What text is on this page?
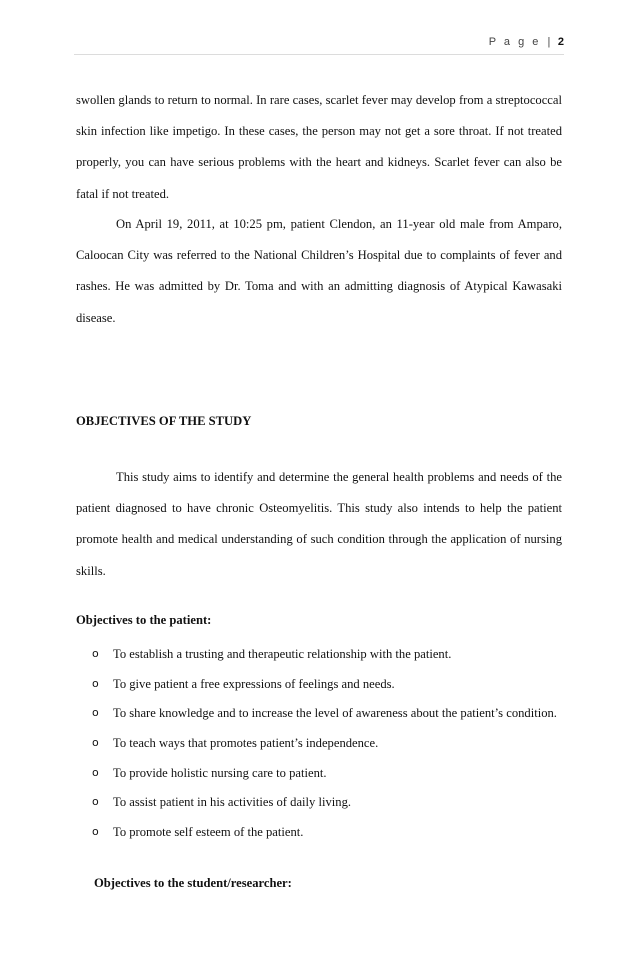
P a g e | 2

swollen glands to return to normal. In rare cases, scarlet fever may develop from a streptococcal skin infection like impetigo. In these cases, the person may not get a sore throat. If not treated properly, you can have serious problems with the heart and kidneys. Scarlet fever can also be fatal if not treated.

On April 19, 2011, at 10:25 pm, patient Clendon, an 11-year old male from Amparo, Caloocan City was referred to the National Children’s Hospital due to complaints of fever and rashes. He was admitted by Dr. Toma and with an admitting diagnosis of Atypical Kawasaki disease.

OBJECTIVES OF THE STUDY

This study aims to identify and determine the general health problems and needs of the patient diagnosed to have chronic Osteomyelitis. This study also intends to help the patient promote health and medical understanding of such condition through the application of nursing skills.

Objectives to the patient:
o To establish a trusting and therapeutic relationship with the patient.
o To give patient a free expressions of feelings and needs.
o To share knowledge and to increase the level of awareness about the patient’s condition.
o To teach ways that promotes patient’s independence.
o To provide holistic nursing care to patient.
o To assist patient in his activities of daily living.
o To promote self esteem of the patient.
Objectives to the student/researcher:
